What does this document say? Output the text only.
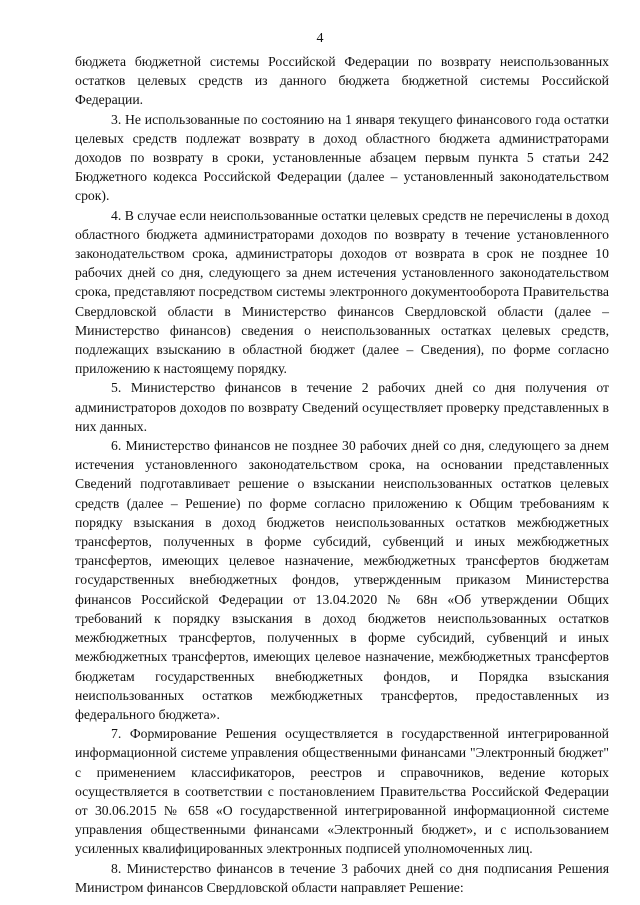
4

бюджета бюджетной системы Российской Федерации по возврату неиспользованных остатков целевых средств из данного бюджета бюджетной системы Российской Федерации.

3. Не использованные по состоянию на 1 января текущего финансового года остатки целевых средств подлежат возврату в доход областного бюджета администраторами доходов по возврату в сроки, установленные абзацем первым пункта 5 статьи 242 Бюджетного кодекса Российской Федерации (далее – установленный законодательством срок).

4. В случае если неиспользованные остатки целевых средств не перечислены в доход областного бюджета администраторами доходов по возврату в течение установленного законодательством срока, администраторы доходов от возврата в срок не позднее 10 рабочих дней со дня, следующего за днем истечения установленного законодательством срока, представляют посредством системы электронного документооборота Правительства Свердловской области в Министерство финансов Свердловской области (далее – Министерство финансов) сведения о неиспользованных остатках целевых средств, подлежащих взысканию в областной бюджет (далее – Сведения), по форме согласно приложению к настоящему порядку.

5. Министерство финансов в течение 2 рабочих дней со дня получения от администраторов доходов по возврату Сведений осуществляет проверку представленных в них данных.

6. Министерство финансов не позднее 30 рабочих дней со дня, следующего за днем истечения установленного законодательством срока, на основании представленных Сведений подготавливает решение о взыскании неиспользованных остатков целевых средств (далее – Решение) по форме согласно приложению к Общим требованиям к порядку взыскания в доход бюджетов неиспользованных остатков межбюджетных трансфертов, полученных в форме субсидий, субвенций и иных межбюджетных трансфертов, имеющих целевое назначение, межбюджетных трансфертов бюджетам государственных внебюджетных фондов, утвержденным приказом Министерства финансов Российской Федерации от 13.04.2020 № 68н «Об утверждении Общих требований к порядку взыскания в доход бюджетов неиспользованных остатков межбюджетных трансфертов, полученных в форме субсидий, субвенций и иных межбюджетных трансфертов, имеющих целевое назначение, межбюджетных трансфертов бюджетам государственных внебюджетных фондов, и Порядка взыскания неиспользованных остатков межбюджетных трансфертов, предоставленных из федерального бюджета».

7. Формирование Решения осуществляется в государственной интегрированной информационной системе управления общественными финансами "Электронный бюджет" с применением классификаторов, реестров и справочников, ведение которых осуществляется в соответствии с постановлением Правительства Российской Федерации от 30.06.2015 № 658 «О государственной интегрированной информационной системе управления общественными финансами «Электронный бюджет», и с использованием усиленных квалифицированных электронных подписей уполномоченных лиц.

8. Министерство финансов в течение 3 рабочих дней со дня подписания Решения Министром финансов Свердловской области направляет Решение:
